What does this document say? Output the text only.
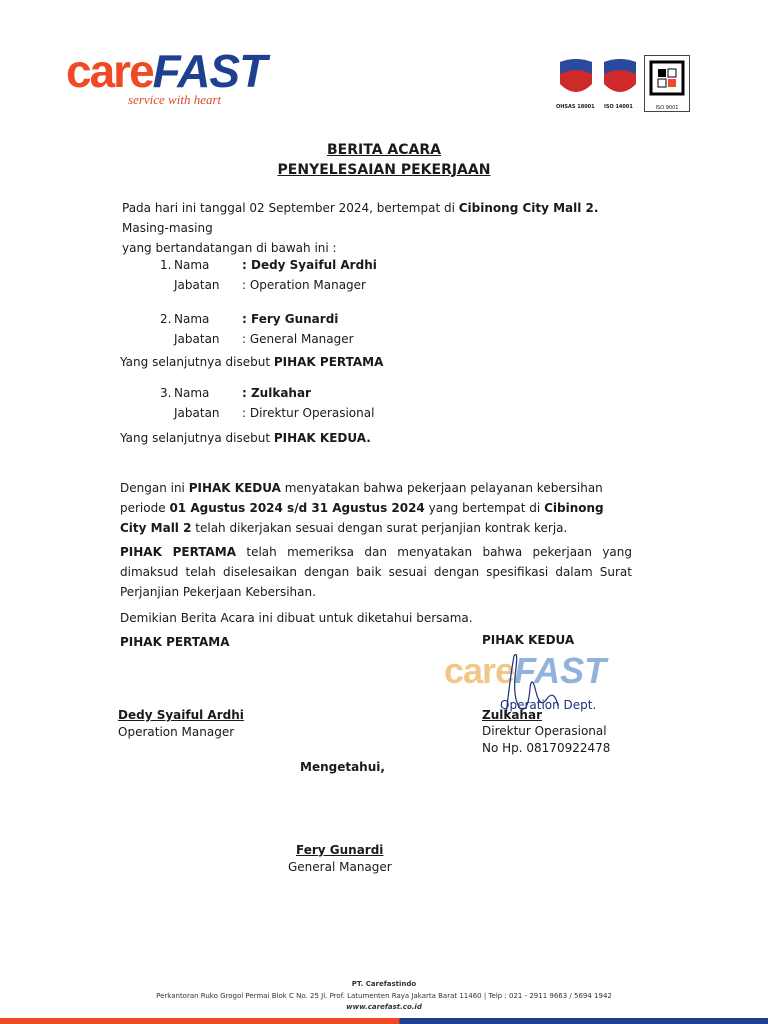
careFAST
service with heart	OHSAS 18001 ISO 14001	ISO 9001
BERITA ACARA
PENYELESAIAN PEKERJAAN
Pada hari ini tanggal 02 September 2024, bertempat di Cibinong City Mall 2. Masing-masing
yang bertandatangan di bawah ini :
1. Nama	: Dedy Syaiful Ardhi
Jabatan : Operation Manager
2. Nama	: Fery Gunardi
Jabatan : General Manager
Yang selanjutnya disebut PIHAK PERTAMA
3. Nama	: Zulkahar
Jabatan : Direktur Operasional
Yang selanjutnya disebut PIHAK KEDUA.
Dengan ini PIHAK KEDUA menyatakan bahwa pekerjaan pelayanan kebersihan periode 01 Agustus 2024 s/d 31 Agustus 2024 yang bertempat di Cibinong City Mall 2 telah dikerjakan sesuai dengan surat perjanjian kontrak kerja.
PIHAK PERTAMA telah memeriksa dan menyatakan bahwa pekerjaan yang dimaksud telah diselesaikan dengan baik sesuai dengan spesifikasi dalam Surat Perjanjian Pekerjaan Kebersihan.
Demikian Berita Acara ini dibuat untuk diketahui bersama.
PIHAK PERTAMA	PIHAK KEDUA
careFAST
Operation Dept.
Dedy Syaiful Ardhi
Operation Manager
Zulkahar
Direktur Operasional
No Hp. 08170922478
Mengetahui,
Fery Gunardi
General Manager
PT. Carefastindo
Perkantoran Ruko Grogol Permai Blok C No. 25 Jl. Prof. Latumenten Raya Jakarta Barat 11460 | Telp : 021 - 2911 9663 / 5694 1942
www.carefast.co.id
